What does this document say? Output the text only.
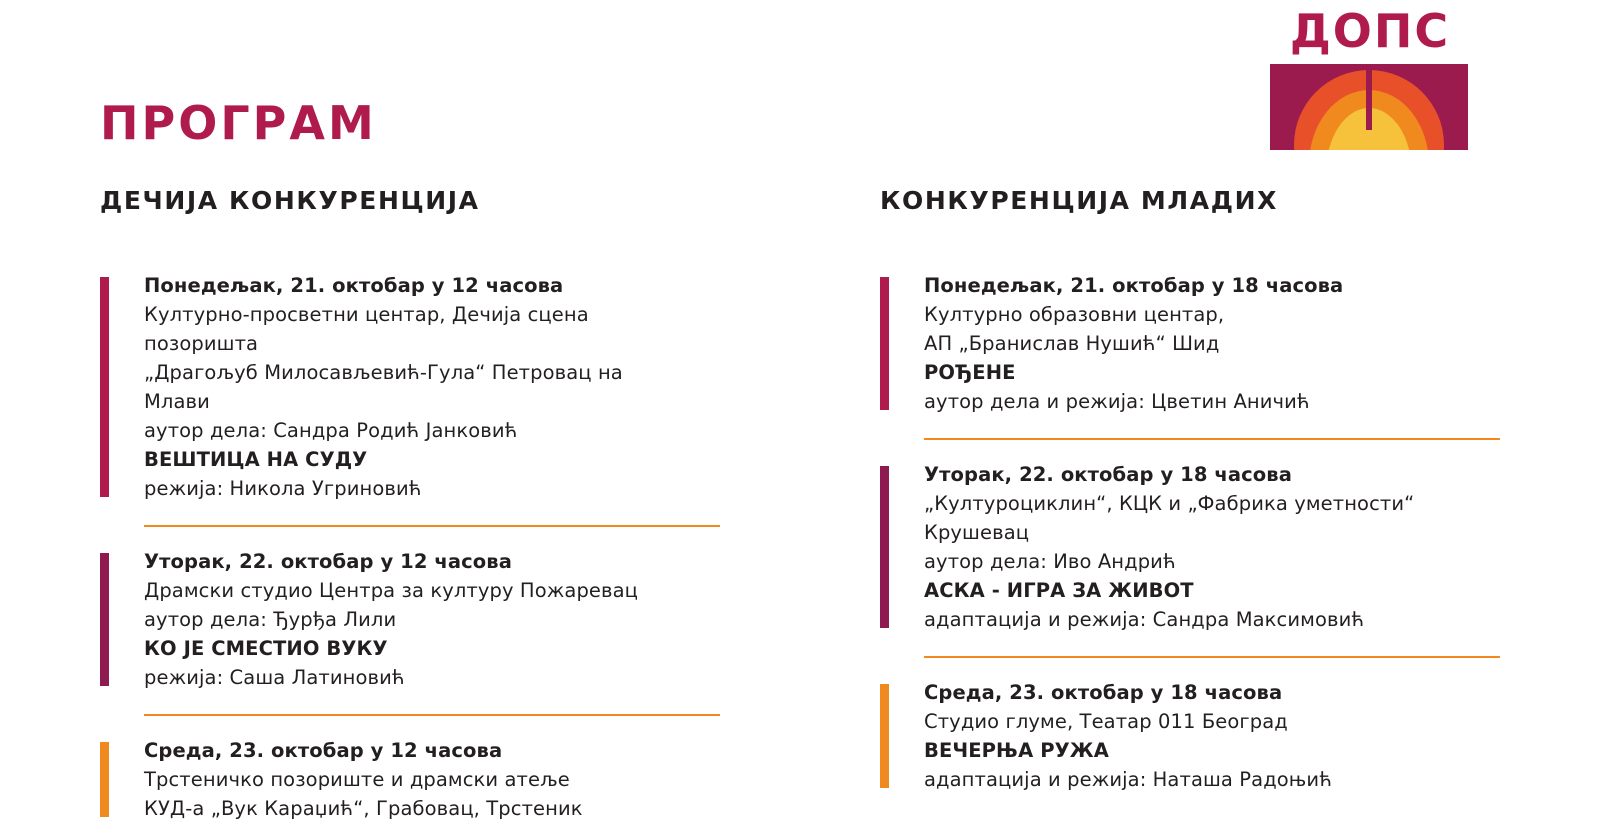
ДОПС
ПРОГРАМ
ДЕЧИЈА КОНКУРЕНЦИЈА
Понедељак, 21. октобар у 12 часова
Културно-просветни центар, Дечија сцена
позоришта
„Драгољуб Милосављевић-Гула“ Петровац на
Млави
аутор дела: Сандра Родић Јанковић
ВЕШТИЦА НА СУДУ
режија: Никола Угриновић
Уторак, 22. октобар у 12 часова
Драмски студио Центра за културу Пожаревац
аутор дела: Ђурђа Лили
КО ЈЕ СМЕСТИО ВУКУ
режија: Саша Латиновић
Среда, 23. октобар у 12 часова
Трстеничко позориште и драмски атеље
КУД-а „Вук Караџић“, Грабовац, Трстеник
КОНКУРЕНЦИЈА МЛАДИХ
Понедељак, 21. октобар у 18 часова
Културно образовни центар,
АП „Бранислав Нушић“ Шид
РОЂЕНЕ
аутор дела и режија: Цветин Аничић
Уторак, 22. октобар у 18 часова
„Културоциклин“, КЦК и „Фабрика уметности“
Крушевац
аутор дела: Иво Андрић
АСКА - ИГРА ЗА ЖИВОТ
адаптација и режија: Сандра Максимовић
Среда, 23. октобар у 18 часова
Студио глуме, Театар 011 Београд
ВЕЧЕРЊА РУЖА
адаптација и режија: Наташа Радоњић
